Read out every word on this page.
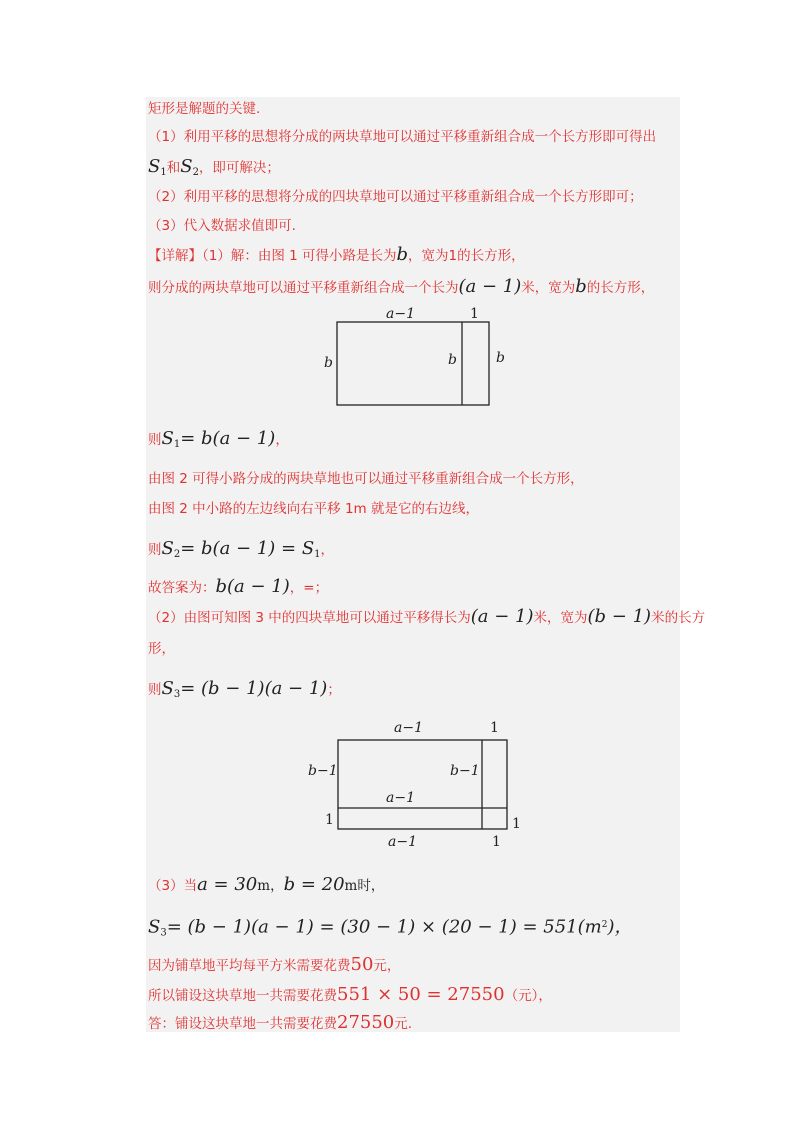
矩形是解题的关键.
（1）利用平移的思想将分成的两块草地可以通过平移重新组合成一个长方形即可得出
$S_1$和$S_2$，即可解决；
（2）利用平移的思想将分成的四块草地可以通过平移重新组合成一个长方形即可；
（3）代入数据求值即可.
【详解】（1）解：由图 1 可得小路是长为b，宽为1的长方形，
则分成的两块草地可以通过平移重新组合成一个长为(a − 1)米，宽为b的长方形，
a−1	1
b	b	b
则$S_1= b(a - 1)$，
由图 2 可得小路分成的两块草地也可以通过平移重新组合成一个长方形，
由图 2 中小路的左边线向右平移 1m 就是它的右边线，
则$S_2= b(a - 1) = S_1$，
故答案为：b(a − 1)，=；
（2）由图可知图 3 中的四块草地可以通过平移得长为(a − 1)米，宽为(b − 1)米的长方
形，
则$S_3= (b - 1)(a - 1)$；
a−1	1
b−1	b−1
a−1
1	1
a−1	1
（3）当a = 30m，b = 20m时，
$S_3= (b - 1)(a - 1) = (30 - 1) \times (20 - 1) = 551(m^2)$，
因为铺草地平均每平方米需要花费50元，
所以铺设这块草地一共需要花费551 × 50 = 27550（元），
答：铺设这块草地一共需要花费27550元.
